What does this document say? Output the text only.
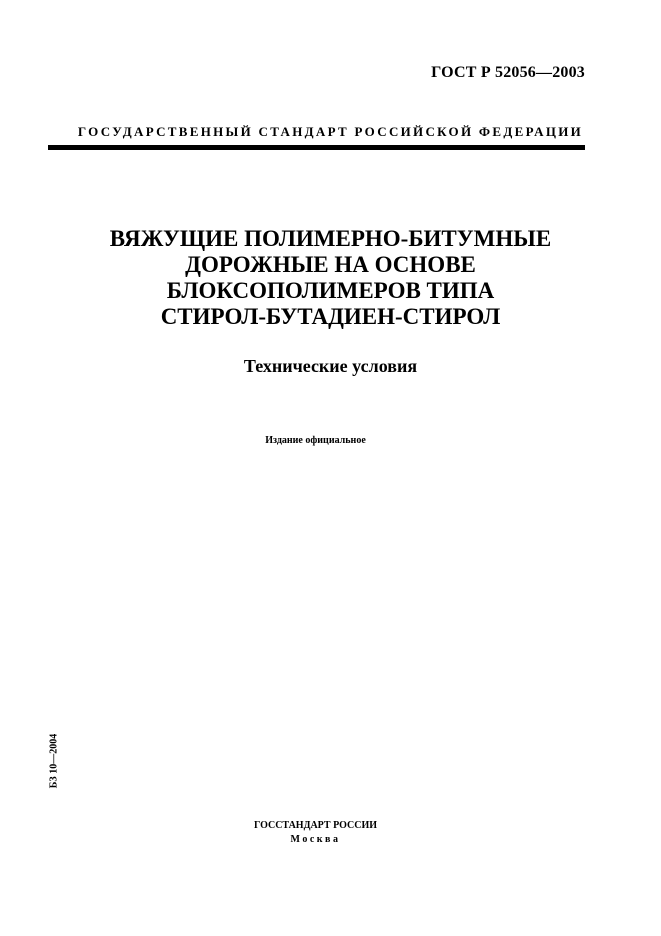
ГОСТ Р 52056—2003
ГОСУДАРСТВЕННЫЙ СТАНДАРТ РОССИЙСКОЙ ФЕДЕРАЦИИ
ВЯЖУЩИЕ ПОЛИМЕРНО-БИТУМНЫЕ
ДОРОЖНЫЕ НА ОСНОВЕ
БЛОКСОПОЛИМЕРОВ ТИПА
СТИРОЛ-БУТАДИЕН-СТИРОЛ
Технические условия
Издание официальное
БЗ 10—2004
ГОССТАНДАРТ РОССИИ
Москва
